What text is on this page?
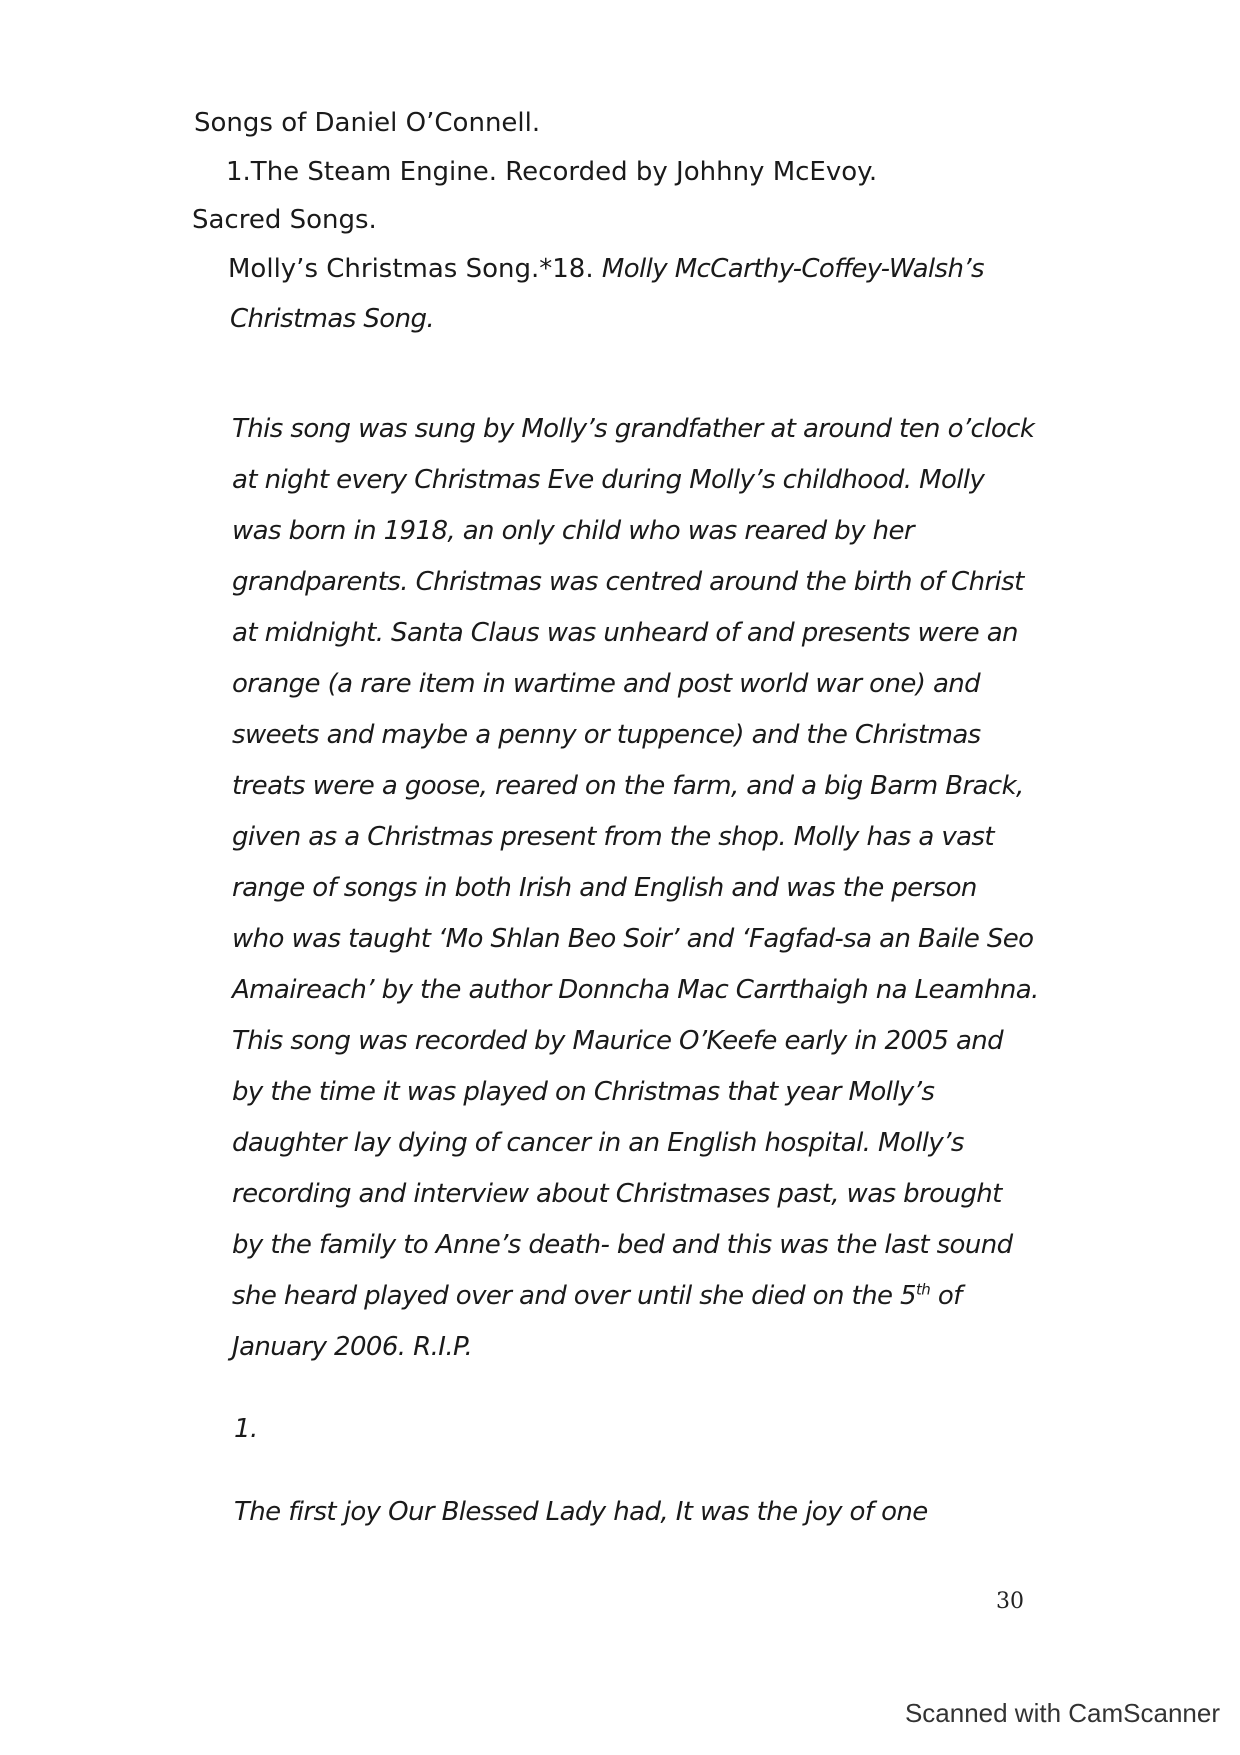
Songs of Daniel O’Connell.

1.The Steam Engine. Recorded by Johhny McEvoy.

Sacred Songs.

Molly’s Christmas Song.*18. Molly McCarthy-Coffey-Walsh’s

Christmas Song.

This song was sung by Molly’s grandfather at around ten o’clock
at night every Christmas Eve during Molly’s childhood. Molly
was born in 1918, an only child who was reared by her
grandparents. Christmas was centred around the birth of Christ
at midnight. Santa Claus was unheard of and presents were an
orange (a rare item in wartime and post world war one) and
sweets and maybe a penny or tuppence) and the Christmas
treats were a goose, reared on the farm, and a big Barm Brack,
given as a Christmas present from the shop. Molly has a vast
range of songs in both Irish and English and was the person
who was taught ‘Mo Shlan Beo Soir’ and ‘Fagfad-sa an Baile Seo
Amaireach’ by the author Donncha Mac Carrthaigh na Leamhna.
This song was recorded by Maurice O’Keefe early in 2005 and
by the time it was played on Christmas that year Molly’s
daughter lay dying of cancer in an English hospital. Molly’s
recording and interview about Christmases past, was brought
by the family to Anne’s death- bed and this was the last sound
she heard played over and over until she died on the 5th of
January 2006. R.I.P.

1.

The first joy Our Blessed Lady had, It was the joy of one

30
Scanned with CamScanner
